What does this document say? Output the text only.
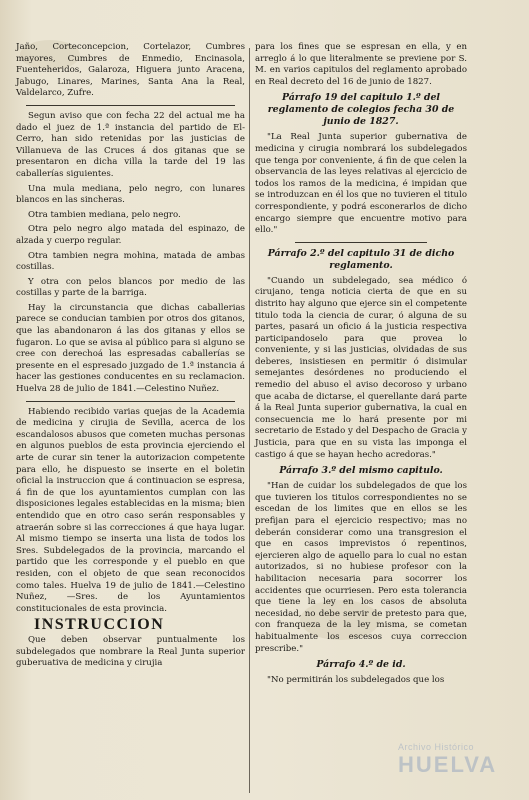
Jaño, Corteconcepcion, Cortelazor, Cumbres mayores, Cumbres de Enmedio, Encinasola, Fuenteheridos, Galaroza, Higuera junto Aracena, Jabugo, Linares, Marines, Santa Ana la Real, Valdelarco, Zufre.

Segun aviso que con fecha 22 del actual me ha dado el juez de 1.ª instancia del partido de El-Cerro, han sido retenidas por las justicias de Villanueva de las Cruces á dos gitanas que se presentaron en dicha villa la tarde del 19 las caballerías siguientes.

Una mula mediana, pelo negro, con lunares blancos en las sincheras.

Otra tambien mediana, pelo negro.

Otra pelo negro algo matada del espinazo, de alzada y cuerpo regular.

Otra tambien negra mohina, matada de ambas costillas.

Y otra con pelos blancos por medio de las costillas y parte de la barriga.

Hay la circunstancia que dichas caballerias parece se conducian tambien por otros dos gitanos, que las abandonaron á las dos gitanas y ellos se fugaron. Lo que se avisa al público para si alguno se cree con derechoá las espresadas caballerías se presente en el espresado juzgado de 1.ª instancia á hacer las gestiones conducentes en su reclamacion. Huelva 28 de julio de 1841.—Celestino Nuñez.

Habiendo recibido varias quejas de la Academia de medicina y cirujia de Sevilla, acerca de los escandalosos abusos que cometen muchas personas en algunos pueblos de esta provincia ejerciendo el arte de curar sin tener la autorizacion competente para ello, he dispuesto se inserte en el boletin oficial la instruccion que á continuacion se espresa, á fin de que los ayuntamientos cumplan con las disposiciones legales establecidas en la misma; bien entendido que en otro caso serán responsables y atraerán sobre si las correcciones á que haya lugar. Al mismo tiempo se inserta una lista de todos los Sres. Subdelegados de la provincia, marcando el partido que les corresponde y el pueblo en que residen, con el objeto de que sean reconocidos como tales. Huelva 19 de julio de 1841.—Celestino Nuñez, —Sres. de los Ayuntamientos constitucionales de esta provincia.

INSTRUCCION

Que deben observar puntualmente los subdelegados que nombrare la Real Junta superior guberuativa de medicina y cirujia

para los fines que se espresan en ella, y en arreglo á lo que literalmente se previene por S. M. en varios capitulos del reglamento aprobado en Real decreto del 16 de junio de 1827.

Párrafo 19 del capitulo 1.º del reglamento de colegios fecha 30 de junio de 1827.

"La Real Junta superior gubernativa de medicina y cirugia nombrará los subdelegados que tenga por conveniente, á fin de que celen la observancia de las leyes relativas al ejercicio de todos los ramos de la medicina, é impidan que se introduzcan en él los que no tuvieren el titulo correspondiente, y podrá esconerarlos de dicho encargo siempre que encuentre motivo para ello."

Párrafo 2.º del capitulo 31 de dicho reglamento.

"Cuando un subdelegado, sea médico ó cirujano, tenga noticia cierta de que en su distrito hay alguno que ejerce sin el competente titulo toda la ciencia de curar, ó alguna de su partes, pasará un oficio á la justicia respectiva participandoselo para que provea lo conveniente, y si las justicias, olvidadas de sus deberes, insistiesen en permitir ó disimular semejantes desórdenes no produciendo el remedio del abuso el aviso decoroso y urbano que acaba de dictarse, el querellante dará parte á la Real Junta superior gubernativa, la cual en consecuencia me lo hará presente por mi secretario de Estado y del Despacho de Gracia y Justicia, para que en su vista las imponga el castigo á que se hayan hecho acredoras."

Párrafo 3.º del mismo capitulo.

"Han de cuidar los subdelegados de que los que tuvieren los titulos correspondientes no se escedan de los limites que en ellos se les prefijan para el ejercicio respectivo; mas no deberán considerar como una transgresion el que en casos imprevistos ó repentinos, ejercieren algo de aquello para lo cual no estan autorizados, si no hubiese profesor con la habilitacion necesaria para socorrer los accidentes que ocurriesen. Pero esta tolerancia que tiene la ley en los casos de absoluta necesidad, no debe servir de pretesto para que, con franqueza de la ley misma, se cometan habitualmente los escesos cuya correccion prescribe."

Párrafo 4.º de id.

"No permitirán los subdelegados que los

Archivo Histórico
HUELVA
